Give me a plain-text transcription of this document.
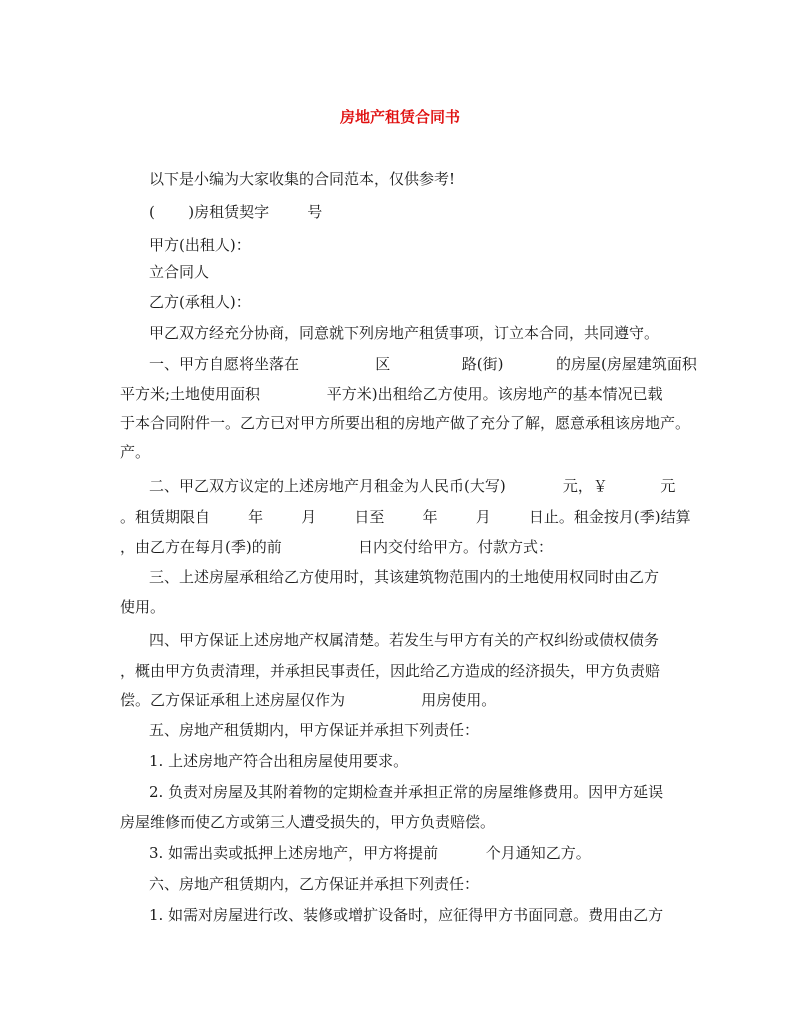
房地产租赁合同书

以下是小编为大家收集的合同范本，仅供参考!

(       )房租赁契字        号

甲方(出租人)：

立合同人

乙方(承租人)：

甲乙双方经充分协商，同意就下列房地产租赁事项，订立本合同，共同遵守。

一、甲方自愿将坐落在                区               路(街)           的房屋(房屋建筑面积

平方米;土地使用面积              平方米)出租给乙方使用。该房地产的基本情况已载

于本合同附件一。乙方已对甲方所要出租的房地产做了充分了解，愿意承租该房地产。

产。

二、甲乙双方议定的上述房地产月租金为人民币(大写)            元，￥           元

。租赁期限自        年        月        日至        年        月        日止。租金按月(季)结算

，由乙方在每月(季)的前                日内交付给甲方。付款方式：

三、上述房屋承租给乙方使用时，其该建筑物范围内的土地使用权同时由乙方

使用。

四、甲方保证上述房地产权属清楚。若发生与甲方有关的产权纠纷或债权债务

，概由甲方负责清理，并承担民事责任，因此给乙方造成的经济损失，甲方负责赔

偿。乙方保证承租上述房屋仅作为                用房使用。

五、房地产租赁期内，甲方保证并承担下列责任：

1. 上述房地产符合出租房屋使用要求。

2. 负责对房屋及其附着物的定期检查并承担正常的房屋维修费用。因甲方延误

房屋维修而使乙方或第三人遭受损失的，甲方负责赔偿。

3. 如需出卖或抵押上述房地产，甲方将提前          个月通知乙方。

六、房地产租赁期内，乙方保证并承担下列责任：

1. 如需对房屋进行改、装修或增扩设备时，应征得甲方书面同意。费用由乙方
